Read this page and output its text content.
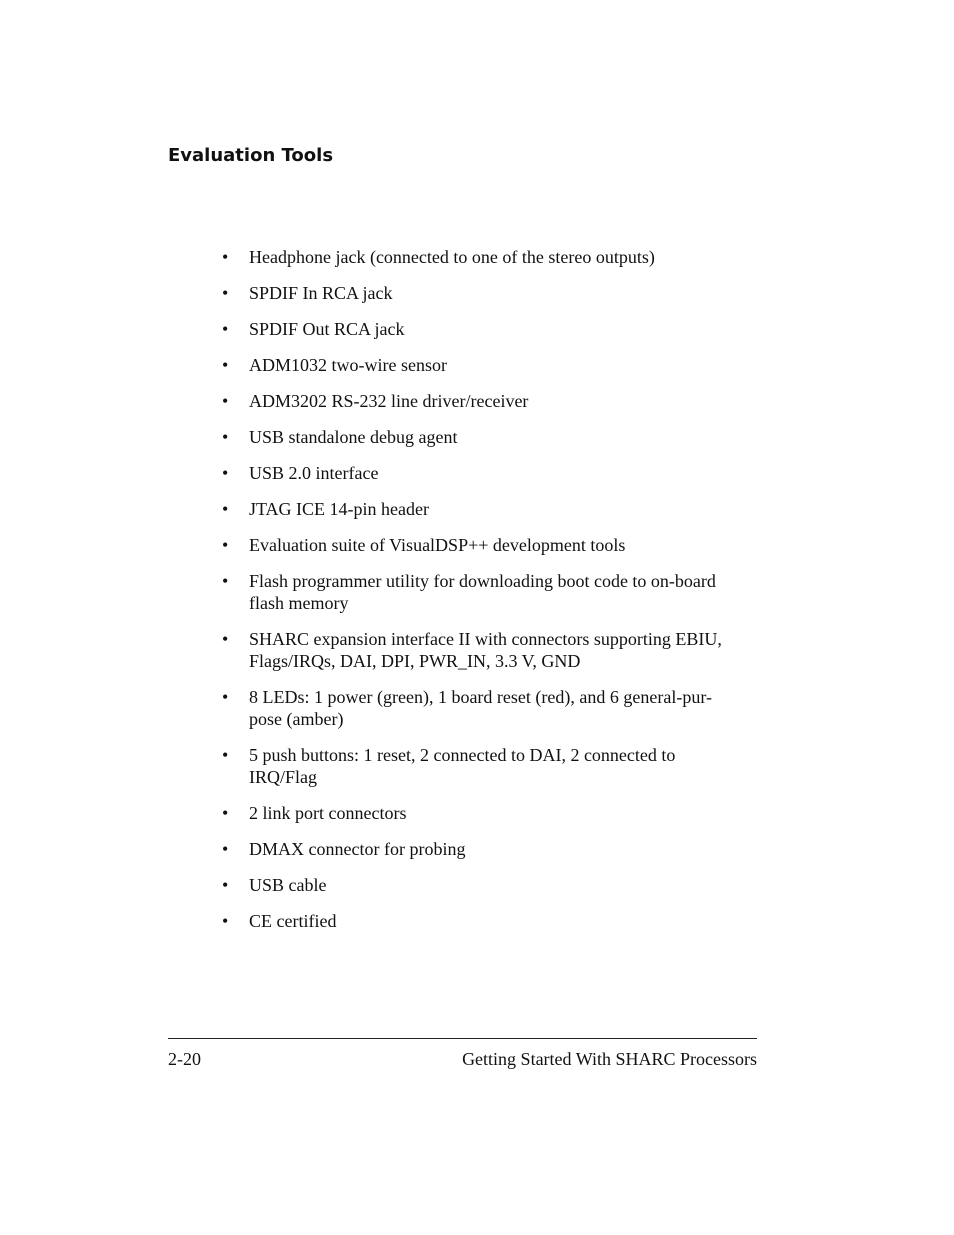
Evaluation Tools
•	Headphone jack (connected to one of the stereo outputs)
•	SPDIF In RCA jack
•	SPDIF Out RCA jack
•	ADM1032 two-wire sensor
•	ADM3202 RS-232 line driver/receiver
•	USB standalone debug agent
•	USB 2.0 interface
•	JTAG ICE 14-pin header
•	Evaluation suite of VisualDSP++ development tools
•	Flash programmer utility for downloading boot code to on-board
flash memory
•	SHARC expansion interface II with connectors supporting EBIU,
Flags/IRQs, DAI, DPI, PWR_IN, 3.3 V, GND
•	8 LEDs: 1 power (green), 1 board reset (red), and 6 general-pur-
pose (amber)
•	5 push buttons: 1 reset, 2 connected to DAI, 2 connected to
IRQ/Flag
•	2 link port connectors
•	DMAX connector for probing
•	USB cable
•	CE certified
2-20	Getting Started With SHARC Processors
